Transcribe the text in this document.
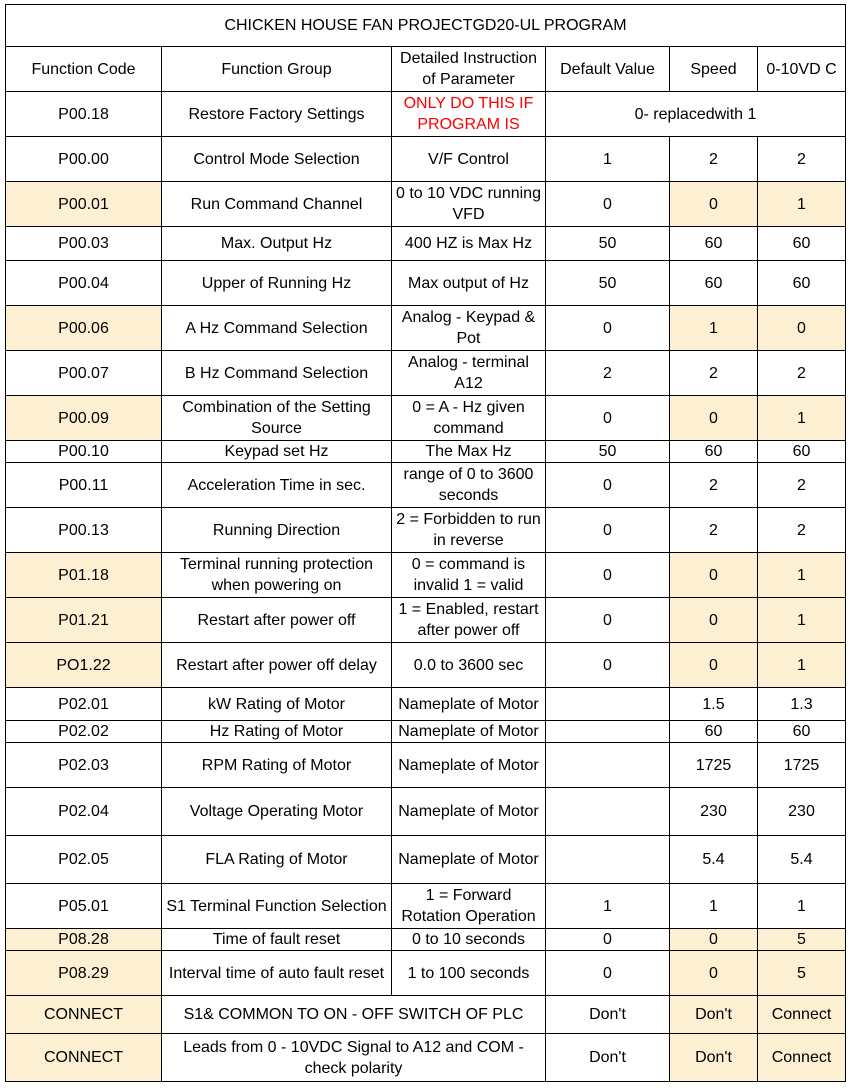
CHICKEN HOUSE FAN PROJECTGD20-UL PROGRAM					
Function Code	Function Group	Detailed Instruction of Parameter	Default Value	Speed	0-10VD C
P00.18	Restore Factory Settings	ONLY DO THIS IF PROGRAM IS	0- replacedwith 1		
P00.00	Control Mode Selection	V/F Control	1	2	2
P00.01	Run Command Channel	0 to 10 VDC running VFD	0	0	1
P00.03	Max. Output Hz	400 HZ is Max Hz	50	60	60
P00.04	Upper of Running Hz	Max output of Hz	50	60	60
P00.06	A Hz Command Selection	Analog - Keypad & Pot	0	1	0
P00.07	B Hz Command Selection	Analog - terminal A12	2	2	2
P00.09	Combination of the Setting Source	0 = A - Hz given command	0	0	1
P00.10	Keypad set Hz	The Max Hz	50	60	60
P00.11	Acceleration Time in sec.	range of 0 to 3600 seconds	0	2	2
P00.13	Running Direction	2 = Forbidden to run in reverse	0	2	2
P01.18	Terminal running protection when powering on	0 = command is invalid 1 = valid	0	0	1
P01.21	Restart after power off	1 = Enabled, restart after power off	0	0	1
PO1.22	Restart after power off delay	0.0 to 3600 sec	0	0	1
P02.01	kW Rating of Motor	Nameplate of Motor		1.5	1.3
P02.02	Hz Rating of Motor	Nameplate of Motor		60	60
P02.03	RPM Rating of Motor	Nameplate of Motor		1725	1725
P02.04	Voltage Operating Motor	Nameplate of Motor		230	230
P02.05	FLA Rating of Motor	Nameplate of Motor		5.4	5.4
P05.01	S1 Terminal Function Selection	1 = Forward Rotation Operation	1	1	1
P08.28	Time of fault reset	0 to 10 seconds	0	0	5
P08.29	Interval time of auto fault reset	1 to 100 seconds	0	0	5
CONNECT	S1& COMMON TO ON - OFF SWITCH OF PLC		Don't	Don't	Connect
CONNECT	Leads from 0 - 10VDC Signal to A12 and COM - check polarity		Don't	Don't	Connect
